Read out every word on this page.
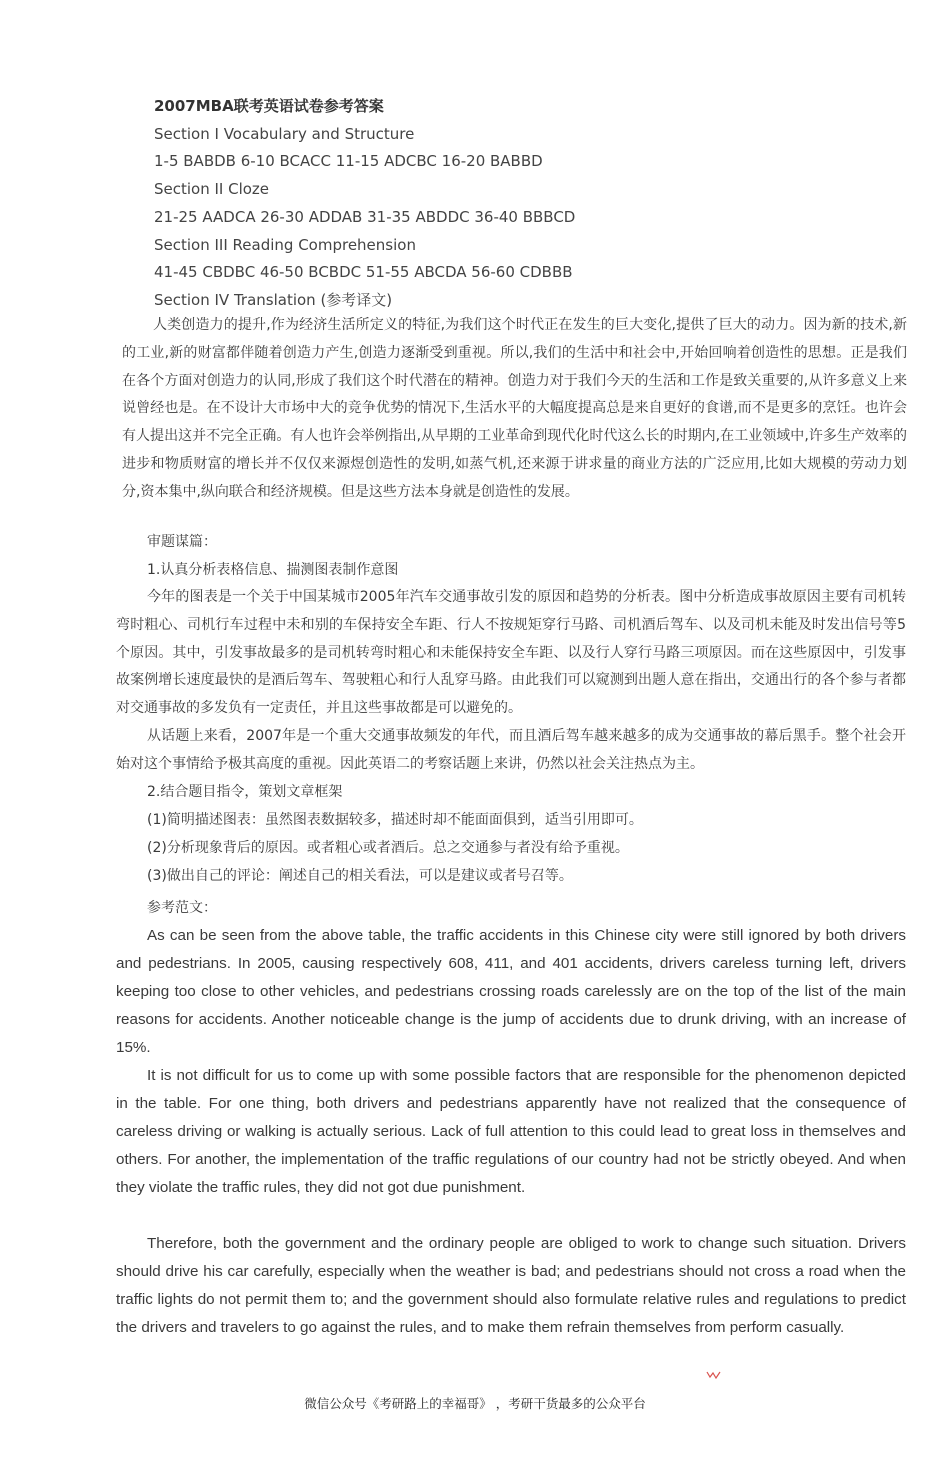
2007MBA联考英语试卷参考答案
Section I Vocabulary and Structure
1-5 BABDB 6-10 BCACC 11-15 ADCBC 16-20 BABBD
Section II Cloze
21-25 AADCA 26-30 ADDAB 31-35 ABDDC 36-40 BBBCD
Section III Reading Comprehension
41-45 CBDBC 46-50 BCBDC 51-55 ABCDA 56-60 CDBBB
Section IV Translation (参考译文)

人类创造力的提升,作为经济生活所定义的特征,为我们这个时代正在发生的巨大变化,提供了巨大的动力。因为新的技术,新的工业,新的财富都伴随着创造力产生,创造力逐渐受到重视。所以,我们的生活中和社会中,开始回响着创造性的思想。正是我们在各个方面对创造力的认同,形成了我们这个时代潜在的精神。创造力对于我们今天的生活和工作是致关重要的,从许多意义上来说曾经也是。在不设计大市场中大的竞争优势的情况下,生活水平的大幅度提高总是来自更好的食谱,而不是更多的烹饪。也许会有人提出这并不完全正确。有人也许会举例指出,从早期的工业革命到现代化时代这么长的时期内,在工业领域中,许多生产效率的进步和物质财富的增长并不仅仅来源煜创造性的发明,如蒸气机,还来源于讲求量的商业方法的广泛应用,比如大规模的劳动力划分,资本集中,纵向联合和经济规模。但是这些方法本身就是创造性的发展。

审题谋篇：
1.认真分析表格信息、揣测图表制作意图

今年的图表是一个关于中国某城市2005年汽车交通事故引发的原因和趋势的分析表。图中分析造成事故原因主要有司机转弯时粗心、司机行车过程中未和别的车保持安全车距、行人不按规矩穿行马路、司机酒后驾车、以及司机未能及时发出信号等5个原因。其中，引发事故最多的是司机转弯时粗心和未能保持安全车距、以及行人穿行马路三项原因。而在这些原因中，引发事故案例增长速度最快的是酒后驾车、驾驶粗心和行人乱穿马路。由此我们可以窥测到出题人意在指出，交通出行的各个参与者都对交通事故的多发负有一定责任，并且这些事故都是可以避免的。

从话题上来看，2007年是一个重大交通事故频发的年代，而且酒后驾车越来越多的成为交通事故的幕后黑手。整个社会开始对这个事情给予极其高度的重视。因此英语二的考察话题上来讲，仍然以社会关注热点为主。

2.结合题目指令，策划文章框架
(1)简明描述图表：虽然图表数据较多，描述时却不能面面俱到，适当引用即可。
(2)分析现象背后的原因。或者粗心或者酒后。总之交通参与者没有给予重视。
(3)做出自己的评论：阐述自己的相关看法，可以是建议或者号召等。
参考范文：

As can be seen from the above table, the traffic accidents in this Chinese city were still ignored by both drivers and pedestrians. In 2005, causing respectively 608, 411, and 401 accidents, drivers careless turning left, drivers keeping too close to other vehicles, and pedestrians crossing roads carelessly are on the top of the list of the main reasons for accidents. Another noticeable change is the jump of accidents due to drunk driving, with an increase of 15%.

It is not difficult for us to come up with some possible factors that are responsible for the phenomenon depicted in the table. For one thing, both drivers and pedestrians apparently have not realized that the consequence of careless driving or walking is actually serious. Lack of full attention to this could lead to great loss in themselves and others. For another, the implementation of the traffic regulations of our country had not be strictly obeyed. And when they violate the traffic rules, they did not got due punishment.

Therefore, both the government and the ordinary people are obliged to work to change such situation. Drivers should drive his car carefully, especially when the weather is bad; and pedestrians should not cross a road when the traffic lights do not permit them to; and the government should also formulate relative rules and regulations to predict the drivers and travelers to go against the rules, and to make them refrain themselves from perform casually.

微信公众号《考研路上的幸福哥》 ，考研干货最多的公众平台
